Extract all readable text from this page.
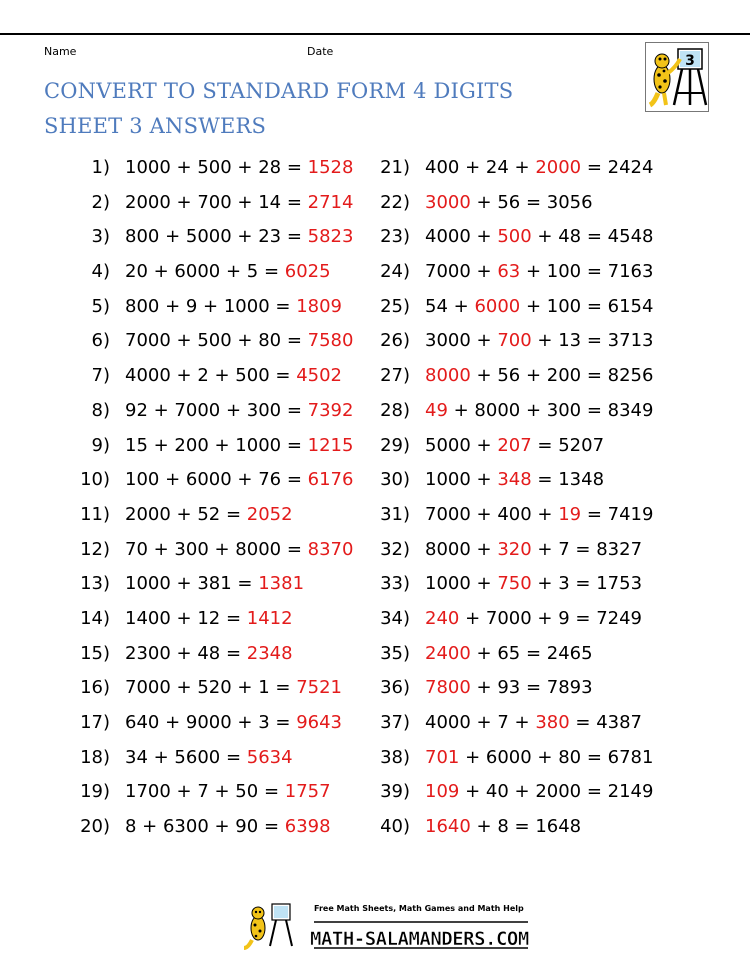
Name	Date
CONVERT TO STANDARD FORM 4 DIGITS
SHEET 3 ANSWERS
3
1) 1000 + 500 + 28 = 1528
2) 2000 + 700 + 14 = 2714
3) 800 + 5000 + 23 = 5823
4) 20 + 6000 + 5 = 6025
5) 800 + 9 + 1000 = 1809
6) 7000 + 500 + 80 = 7580
7) 4000 + 2 + 500 = 4502
8) 92 + 7000 + 300 = 7392
9) 15 + 200 + 1000 = 1215
10) 100 + 6000 + 76 = 6176
11) 2000 + 52 = 2052
12) 70 + 300 + 8000 = 8370
13) 1000 + 381 = 1381
14) 1400 + 12 = 1412
15) 2300 + 48 = 2348
16) 7000 + 520 + 1 = 7521
17) 640 + 9000 + 3 = 9643
18) 34 + 5600 = 5634
19) 1700 + 7 + 50 = 1757
20) 8 + 6300 + 90 = 6398
21) 400 + 24 + 2000 = 2424
22) 3000 + 56 = 3056
23) 4000 + 500 + 48 = 4548
24) 7000 + 63 + 100 = 7163
25) 54 + 6000 + 100 = 6154
26) 3000 + 700 + 13 = 3713
27) 8000 + 56 + 200 = 8256
28) 49 + 8000 + 300 = 8349
29) 5000 + 207 = 5207
30) 1000 + 348 = 1348
31) 7000 + 400 + 19 = 7419
32) 8000 + 320 + 7 = 8327
33) 1000 + 750 + 3 = 1753
34) 240 + 7000 + 9 = 7249
35) 2400 + 65 = 2465
36) 7800 + 93 = 7893
37) 4000 + 7 + 380 = 4387
38) 701 + 6000 + 80 = 6781
39) 109 + 40 + 2000 = 2149
40) 1640 + 8 = 1648
MATH-SALAMANDERS.COM
Free Math Sheets, Math Games and Math Help
